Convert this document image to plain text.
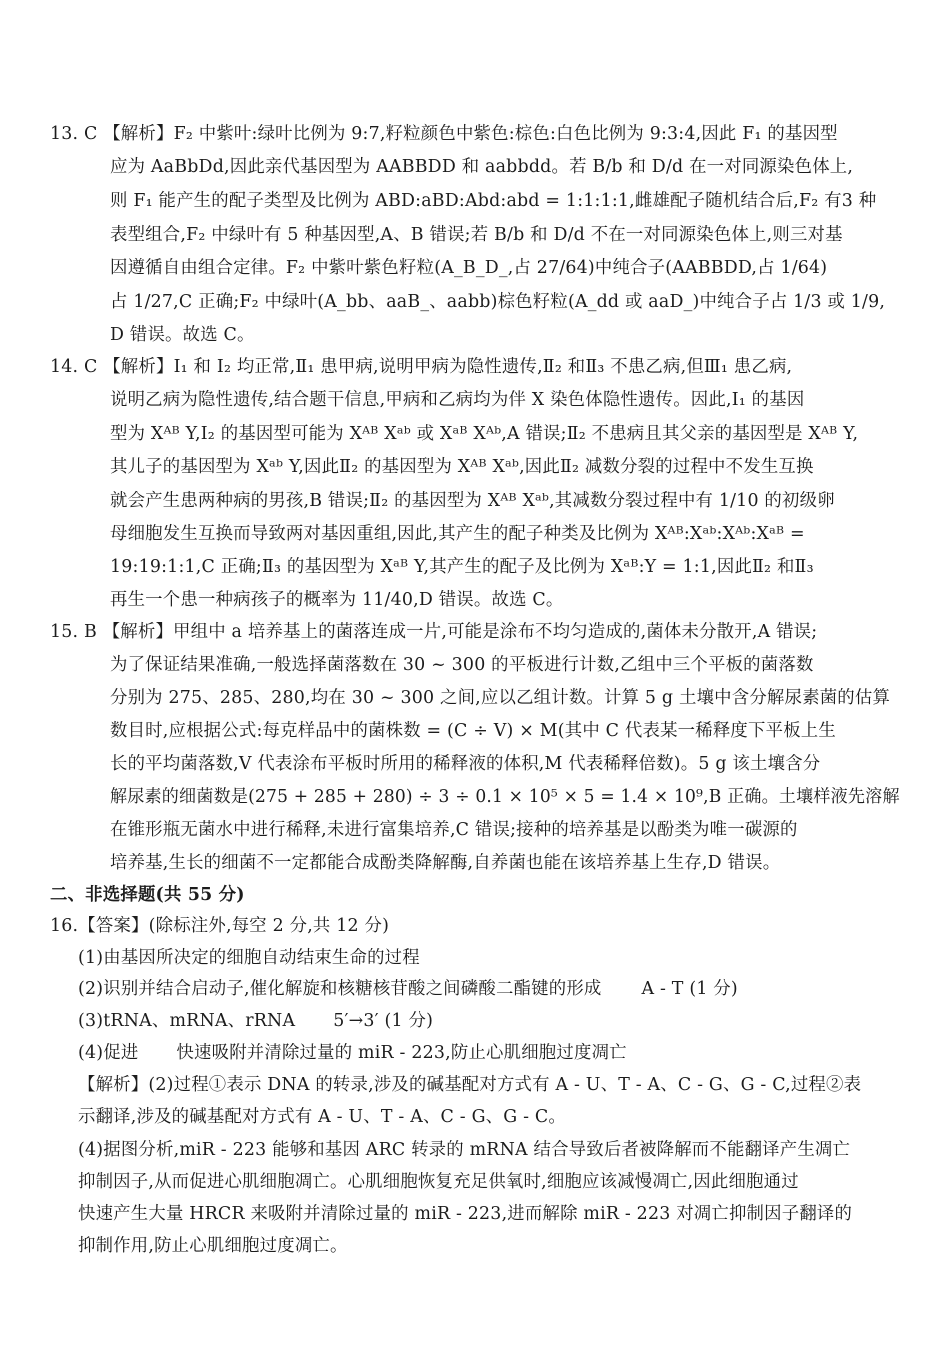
13. C 【解析】F₂ 中紫叶:绿叶比例为 9:7,籽粒颜色中紫色:棕色:白色比例为 9:3:4,因此 F₁ 的基因型
应为 AaBbDd,因此亲代基因型为 AABBDD 和 aabbdd。若 B/b 和 D/d 在一对同源染色体上,
则 F₁ 能产生的配子类型及比例为 ABD:aBD:Abd:abd = 1:1:1:1,雌雄配子随机结合后,F₂ 有3 种
表型组合,F₂ 中绿叶有 5 种基因型,A、B 错误;若 B/b 和 D/d 不在一对同源染色体上,则三对基
因遵循自由组合定律。F₂ 中紫叶紫色籽粒(A_B_D_,占 27/64)中纯合子(AABBDD,占 1/64)
占 1/27,C 正确;F₂ 中绿叶(A_bb、aaB_、aabb)棕色籽粒(A_dd 或 aaD_)中纯合子占 1/3 或 1/9,
D 错误。故选 C。
14. C 【解析】Ⅰ₁ 和 Ⅰ₂ 均正常,Ⅱ₁ 患甲病,说明甲病为隐性遗传,Ⅱ₂ 和Ⅱ₃ 不患乙病,但Ⅲ₁ 患乙病,
说明乙病为隐性遗传,结合题干信息,甲病和乙病均为伴 X 染色体隐性遗传。因此,Ⅰ₁ 的基因
型为 Xᴬᴮ Y,I₂ 的基因型可能为 Xᴬᴮ Xᵃᵇ 或 Xᵃᴮ Xᴬᵇ,A 错误;Ⅱ₂ 不患病且其父亲的基因型是 Xᴬᴮ Y,
其儿子的基因型为 Xᵃᵇ Y,因此Ⅱ₂ 的基因型为 Xᴬᴮ Xᵃᵇ,因此Ⅱ₂ 减数分裂的过程中不发生互换
就会产生患两种病的男孩,B 错误;Ⅱ₂ 的基因型为 Xᴬᴮ Xᵃᵇ,其减数分裂过程中有 1/10 的初级卵
母细胞发生互换而导致两对基因重组,因此,其产生的配子种类及比例为 Xᴬᴮ:Xᵃᵇ:Xᴬᵇ:Xᵃᴮ =
19:19:1:1,C 正确;Ⅱ₃ 的基因型为 Xᵃᴮ Y,其产生的配子及比例为 Xᵃᴮ:Y = 1:1,因此Ⅱ₂ 和Ⅱ₃
再生一个患一种病孩子的概率为 11/40,D 错误。故选 C。
15. B 【解析】甲组中 a 培养基上的菌落连成一片,可能是涂布不均匀造成的,菌体未分散开,A 错误;
为了保证结果准确,一般选择菌落数在 30 ~ 300 的平板进行计数,乙组中三个平板的菌落数
分别为 275、285、280,均在 30 ~ 300 之间,应以乙组计数。计算 5 g 土壤中含分解尿素菌的估算
数目时,应根据公式:每克样品中的菌株数 = (C ÷ V) × M(其中 C 代表某一稀释度下平板上生
长的平均菌落数,V 代表涂布平板时所用的稀释液的体积,M 代表稀释倍数)。5 g 该土壤含分
解尿素的细菌数是(275 + 285 + 280) ÷ 3 ÷ 0.1 × 10⁵ × 5 = 1.4 × 10⁹,B 正确。土壤样液先溶解
在锥形瓶无菌水中进行稀释,未进行富集培养,C 错误;接种的培养基是以酚类为唯一碳源的
培养基,生长的细菌不一定都能合成酚类降解酶,自养菌也能在该培养基上生存,D 错误。
二、非选择题(共 55 分)
16.【答案】(除标注外,每空 2 分,共 12 分)
(1)由基因所决定的细胞自动结束生命的过程
(2)识别并结合启动子,催化解旋和核糖核苷酸之间磷酸二酯键的形成 A - T (1 分)
(3)tRNA、mRNA、rRNA 5′→3′ (1 分)
(4)促进 快速吸附并清除过量的 miR - 223,防止心肌细胞过度凋亡
【解析】(2)过程①表示 DNA 的转录,涉及的碱基配对方式有 A - U、T - A、C - G、G - C,过程②表
示翻译,涉及的碱基配对方式有 A - U、T - A、C - G、G - C。
(4)据图分析,miR - 223 能够和基因 ARC 转录的 mRNA 结合导致后者被降解而不能翻译产生凋亡
抑制因子,从而促进心肌细胞凋亡。心肌细胞恢复充足供氧时,细胞应该减慢凋亡,因此细胞通过
快速产生大量 HRCR 来吸附并清除过量的 miR - 223,进而解除 miR - 223 对凋亡抑制因子翻译的
抑制作用,防止心肌细胞过度凋亡。
